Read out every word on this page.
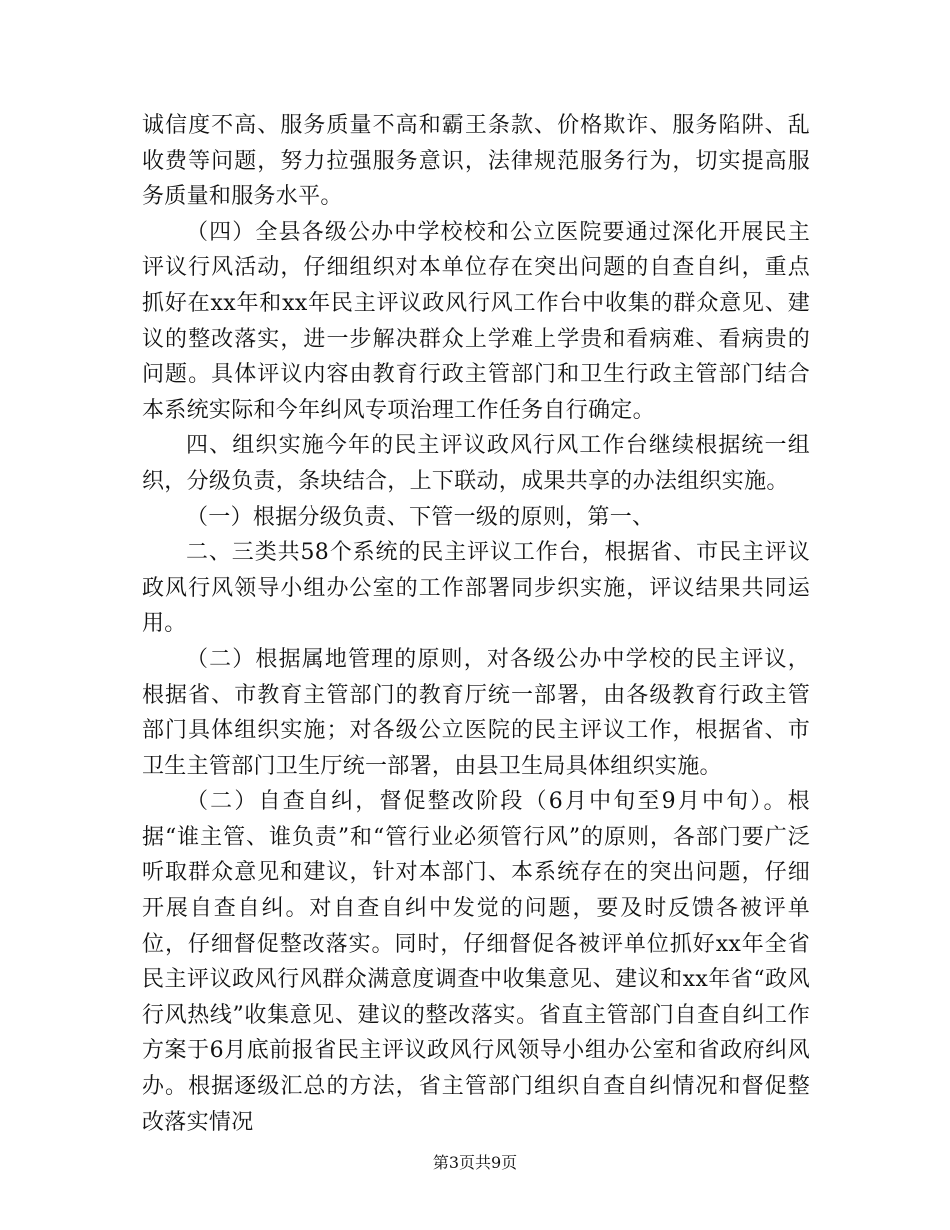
诚信度不高、服务质量不高和霸王条款、价格欺诈、服务陷阱、乱收费等问题，努力拉强服务意识，法律规范服务行为，切实提高服务质量和服务水平。

（四）全县各级公办中学校校和公立医院要通过深化开展民主评议行风活动，仔细组织对本单位存在突出问题的自查自纠，重点抓好在xx年和xx年民主评议政风行风工作台中收集的群众意见、建议的整改落实，进一步解决群众上学难上学贵和看病难、看病贵的问题。具体评议内容由教育行政主管部门和卫生行政主管部门结合本系统实际和今年纠风专项治理工作任务自行确定。

四、组织实施今年的民主评议政风行风工作台继续根据统一组织，分级负责，条块结合，上下联动，成果共享的办法组织实施。

（一）根据分级负责、下管一级的原则，第一、

二、三类共58个系统的民主评议工作台，根据省、市民主评议政风行风领导小组办公室的工作部署同步织实施，评议结果共同运用。

（二）根据属地管理的原则，对各级公办中学校的民主评议，根据省、市教育主管部门的教育厅统一部署，由各级教育行政主管部门具体组织实施；对各级公立医院的民主评议工作，根据省、市卫生主管部门卫生厅统一部署，由县卫生局具体组织实施。

（二）自查自纠，督促整改阶段（6月中旬至9月中旬）。根据“谁主管、谁负责”和“管行业必须管行风”的原则，各部门要广泛听取群众意见和建议，针对本部门、本系统存在的突出问题，仔细开展自查自纠。对自查自纠中发觉的问题，要及时反馈各被评单位，仔细督促整改落实。同时，仔细督促各被评单位抓好xx年全省民主评议政风行风群众满意度调查中收集意见、建议和xx年省“政风行风热线”收集意见、建议的整改落实。省直主管部门自查自纠工作方案于6月底前报省民主评议政风行风领导小组办公室和省政府纠风办。根据逐级汇总的方法，省主管部门组织自查自纠情况和督促整改落实情况

第3页共9页
